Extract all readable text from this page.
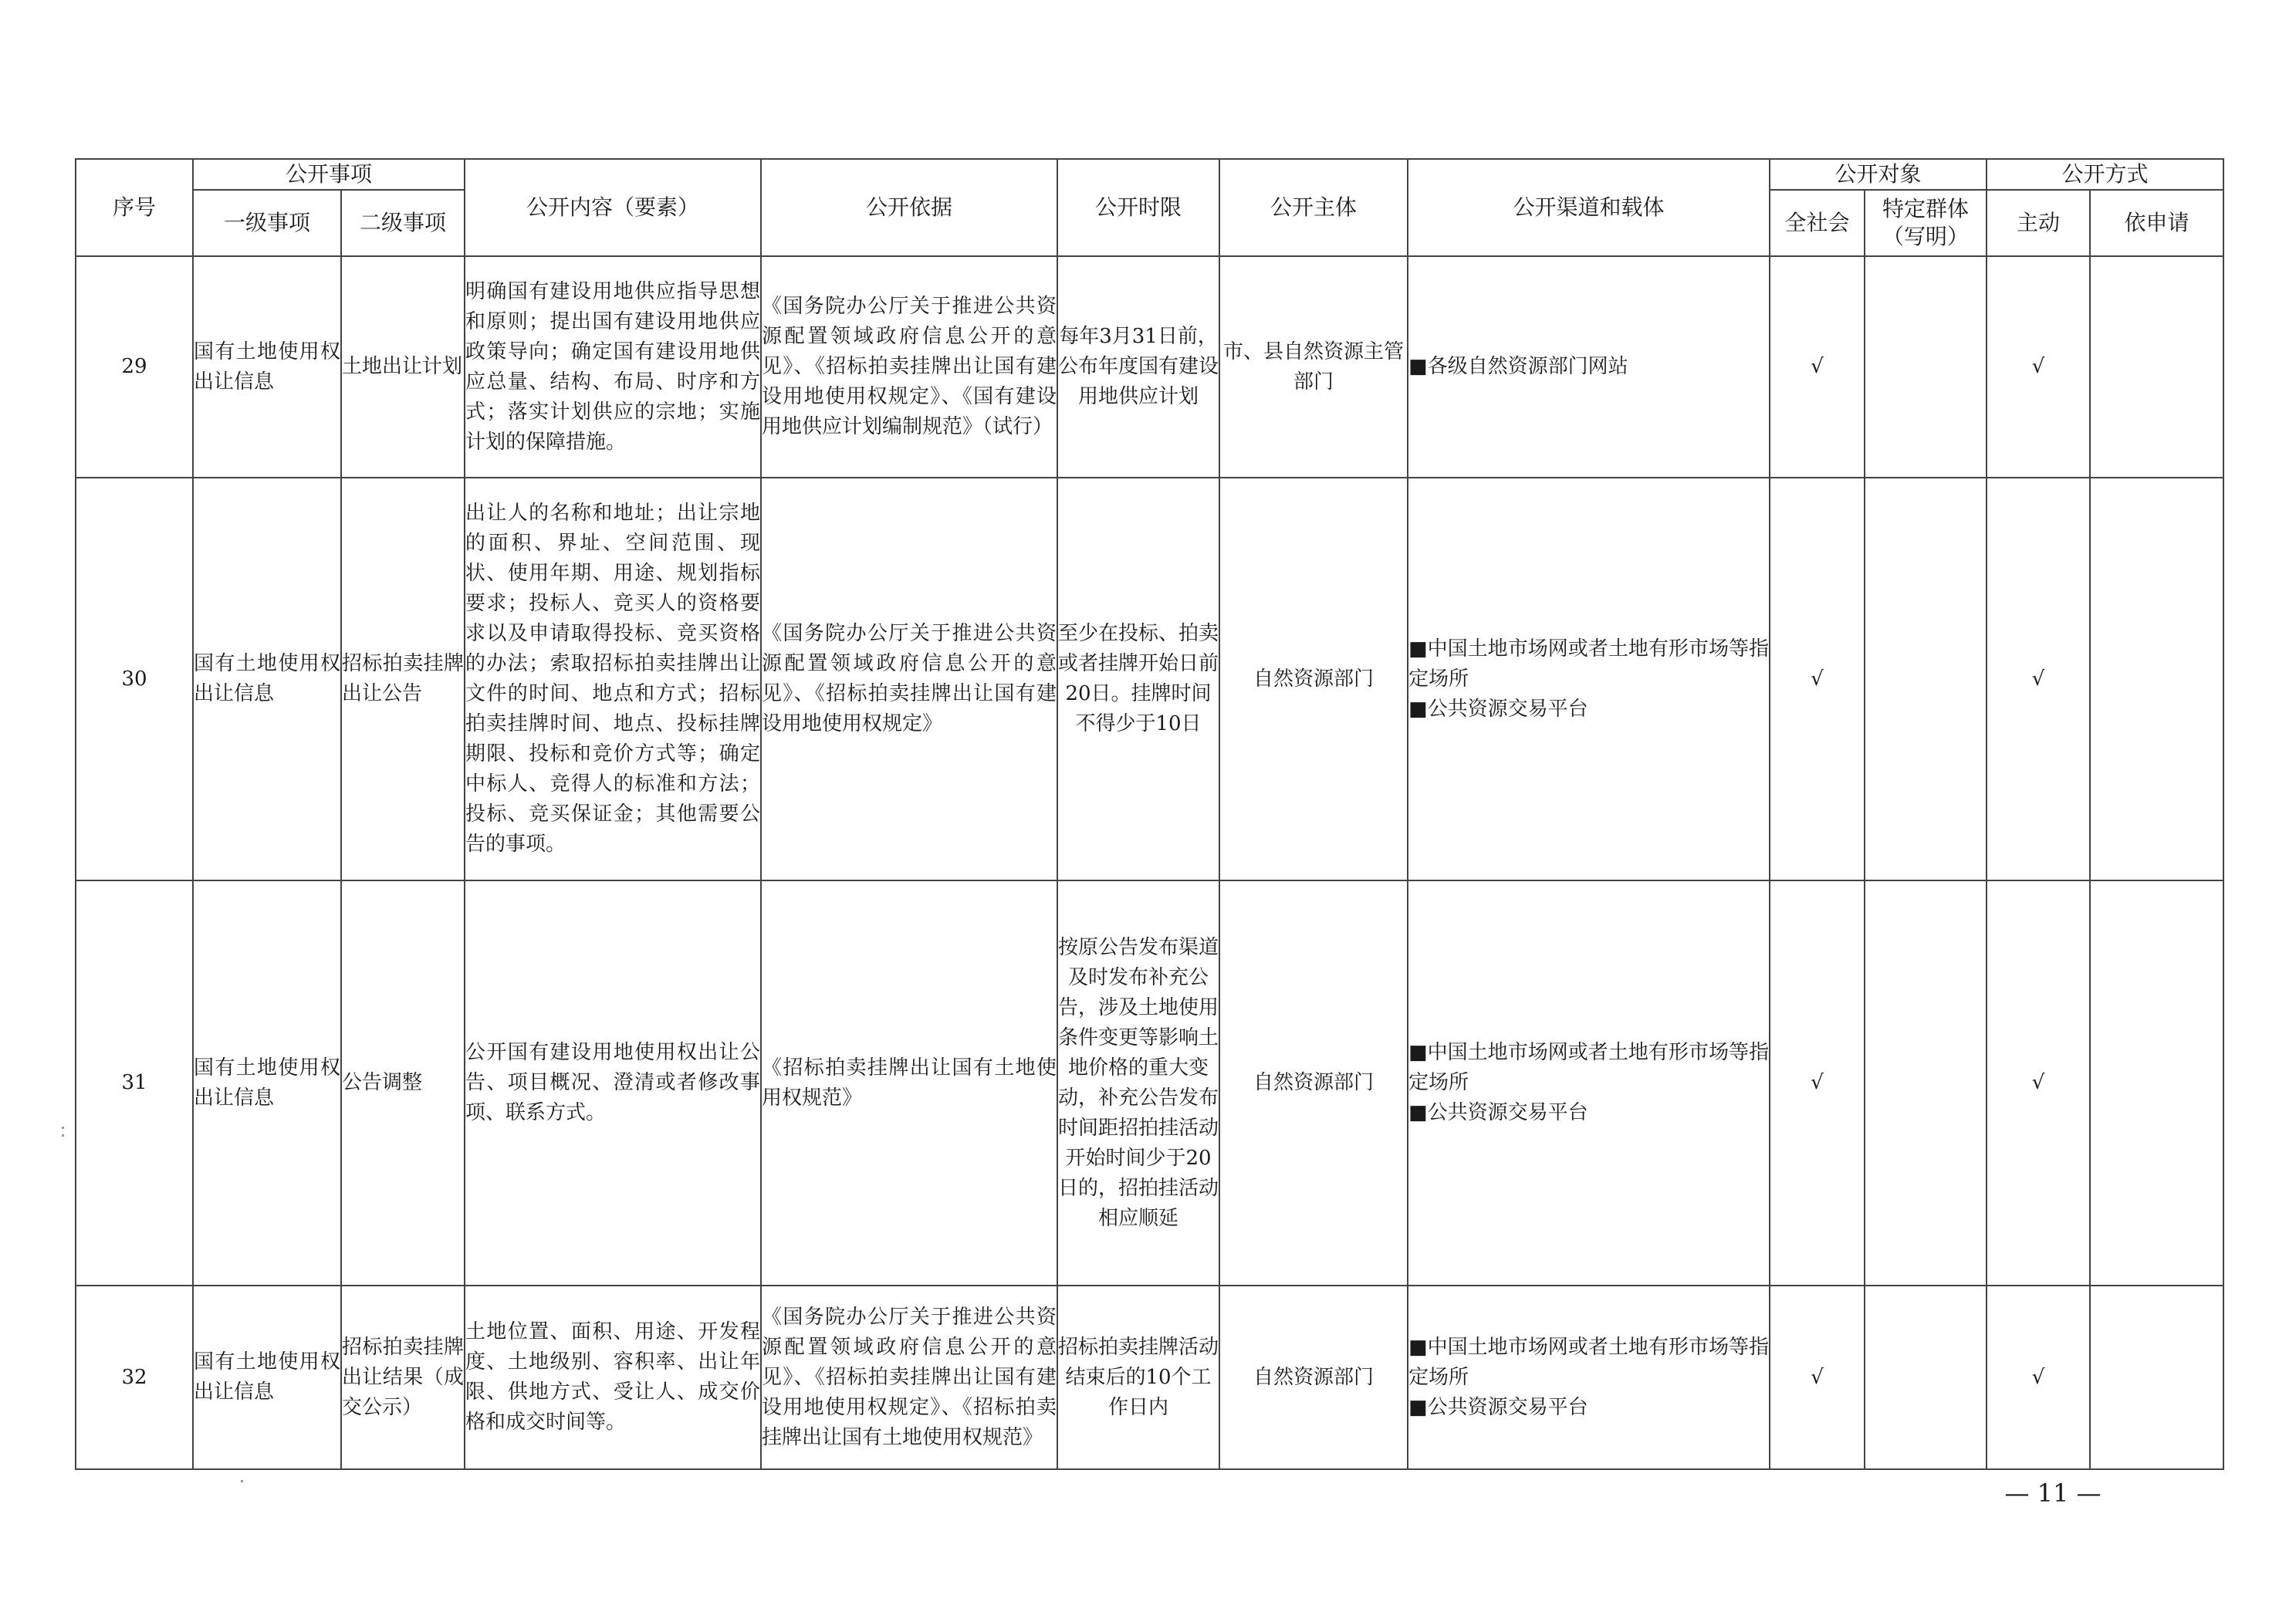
序号	公开事项		公开内容（要素）	公开依据	公开时限	公开主体	公开渠道和载体	公开对象		公开方式	
	一级事项	二级事项						全社会	特定群体（写明）	主动	依申请
29	国有土地使用权出让信息	土地出让计划	明确国有建设用地供应指导思想和原则；提出国有建设用地供应政策导向；确定国有建设用地供应总量、结构、布局、时序和方式；落实计划供应的宗地；实施计划的保障措施。	《国务院办公厅关于推进公共资源配置领域政府信息公开的意见》、《招标拍卖挂牌出让国有建设用地使用权规定》、《国有建设用地供应计划编制规范》（试行）	每年3月31日前，公布年度国有建设用地供应计划	市、县自然资源主管部门	■各级自然资源部门网站	√		√	
30	国有土地使用权出让信息	招标拍卖挂牌出让公告	出让人的名称和地址；出让宗地的面积、界址、空间范围、现状、使用年期、用途、规划指标要求；投标人、竞买人的资格要求以及申请取得投标、竞买资格的办法；索取招标拍卖挂牌出让文件的时间、地点和方式；招标拍卖挂牌时间、地点、投标挂牌期限、投标和竞价方式等；确定中标人、竞得人的标准和方法；投标、竞买保证金；其他需要公告的事项。	《国务院办公厅关于推进公共资源配置领域政府信息公开的意见》、《招标拍卖挂牌出让国有建设用地使用权规定》	至少在投标、拍卖或者挂牌开始日前20日。挂牌时间不得少于10日	自然资源部门	■中国土地市场网或者土地有形市场等指定场所
■公共资源交易平台	√		√	
31	国有土地使用权出让信息	公告调整	公开国有建设用地使用权出让公告、项目概况、澄清或者修改事项、联系方式。	《招标拍卖挂牌出让国有土地使用权规范》	按原公告发布渠道及时发布补充公告，涉及土地使用条件变更等影响土地价格的重大变动，补充公告发布时间距招拍挂活动开始时间少于20日的，招拍挂活动相应顺延	自然资源部门	■中国土地市场网或者土地有形市场等指定场所
■公共资源交易平台	√		√	
32	国有土地使用权出让信息	招标拍卖挂牌出让结果（成交公示）	土地位置、面积、用途、开发程度、土地级别、容积率、出让年限、供地方式、受让人、成交价格和成交时间等。	《国务院办公厅关于推进公共资源配置领域政府信息公开的意见》、《招标拍卖挂牌出让国有建设用地使用权规定》、《招标拍卖挂牌出让国有土地使用权规范》	招标拍卖挂牌活动结束后的10个工作日内	自然资源部门	■中国土地市场网或者土地有形市场等指定场所
■公共资源交易平台	√		√	
— 11 —
